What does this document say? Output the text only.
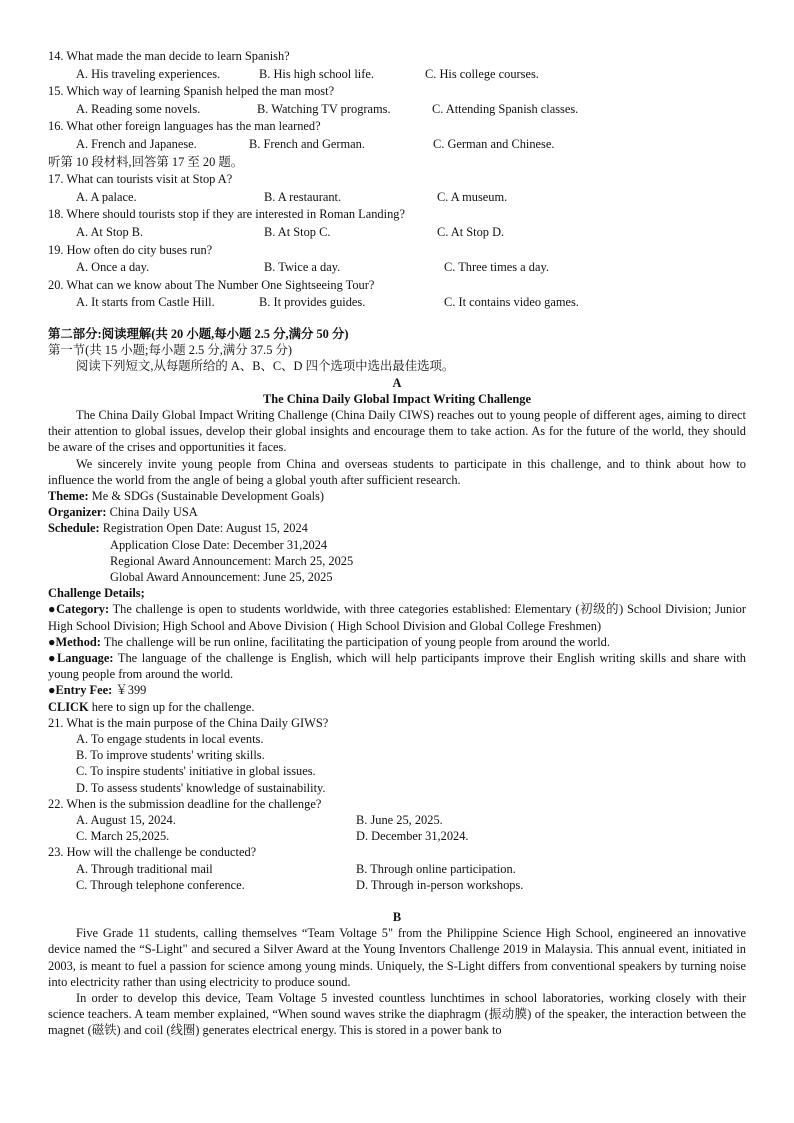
14. What made the man decide to learn Spanish?
A. His traveling experiences.	B. His high school life.	C. His college courses.
15. Which way of learning Spanish helped the man most?
A. Reading some novels.	B. Watching TV programs.	C. Attending Spanish classes.
16. What other foreign languages has the man learned?
A. French and Japanese.	B. French and German.	C. German and Chinese.
听第 10 段材料,回答第 17 至 20 题。
17. What can tourists visit at Stop A?
A. A palace.	B. A restaurant.	C. A museum.
18. Where should tourists stop if they are interested in Roman Landing?
A. At Stop B.	B. At Stop C.	C. At Stop D.
19. How often do city buses run?
A. Once a day.	B. Twice a day.	C. Three times a day.
20. What can we know about The Number One Sightseeing Tour?
A. It starts from Castle Hill.	B. It provides guides.	C. It contains video games.
第二部分:阅读理解(共 20 小题,每小题 2.5 分,满分 50 分)
第一节(共 15 小题;每小题 2.5 分,满分 37.5 分)
阅读下列短文,从每题所给的 A、B、C、D 四个选项中选出最佳选项。
A
The China Daily Global Impact Writing Challenge
The China Daily Global Impact Writing Challenge (China Daily CIWS) reaches out to young people of different ages, aiming to direct their attention to global issues, develop their global insights and encourage them to take action. As for the future of the world, they should be aware of the crises and opportunities it faces.
We sincerely invite young people from China and overseas students to participate in this challenge, and to think about how to influence the world from the angle of being a global youth after sufficient research.
Theme: Me & SDGs (Sustainable Development Goals)
Organizer: China Daily USA
Schedule: Registration Open Date: August 15, 2024
Application Close Date: December 31,2024
Regional Award Announcement: March 25, 2025
Global Award Announcement: June 25, 2025
Challenge Details;
●Category: The challenge is open to students worldwide, with three categories established: Elementary (初级的) School Division; Junior High School Division; High School and Above Division ( High School Division and Global College Freshmen)
●Method: The challenge will be run online, facilitating the participation of young people from around the world.
●Language: The language of the challenge is English, which will help participants improve their English writing skills and share with young people from around the world.
●Entry Fee: ￥399
CLICK here to sign up for the challenge.
21. What is the main purpose of the China Daily GIWS?
A. To engage students in local events.
B. To improve students' writing skills.
C. To inspire students' initiative in global issues.
D. To assess students' knowledge of sustainability.
22. When is the submission deadline for the challenge?
A. August 15, 2024.	B. June 25, 2025.
C. March 25,2025.	D. December 31,2024.
23. How will the challenge be conducted?
A. Through traditional mail	B. Through online participation.
C. Through telephone conference.	D. Through in-person workshops.
B
Five Grade 11 students, calling themselves “Team Voltage 5" from the Philippine Science High School, engineered an innovative device named the “S-Light" and secured a Silver Award at the Young Inventors Challenge 2019 in Malaysia. This annual event, initiated in 2003, is meant to fuel a passion for science among young minds. Uniquely, the S-Light differs from conventional speakers by turning noise into electricity rather than using electricity to produce sound.
In order to develop this device, Team Voltage 5 invested countless lunchtimes in school laboratories, working closely with their science teachers. A team member explained, “When sound waves strike the diaphragm (振动膜) of the speaker, the interaction between the magnet (磁铁) and coil (线圈) generates electrical energy. This is stored in a power bank to
